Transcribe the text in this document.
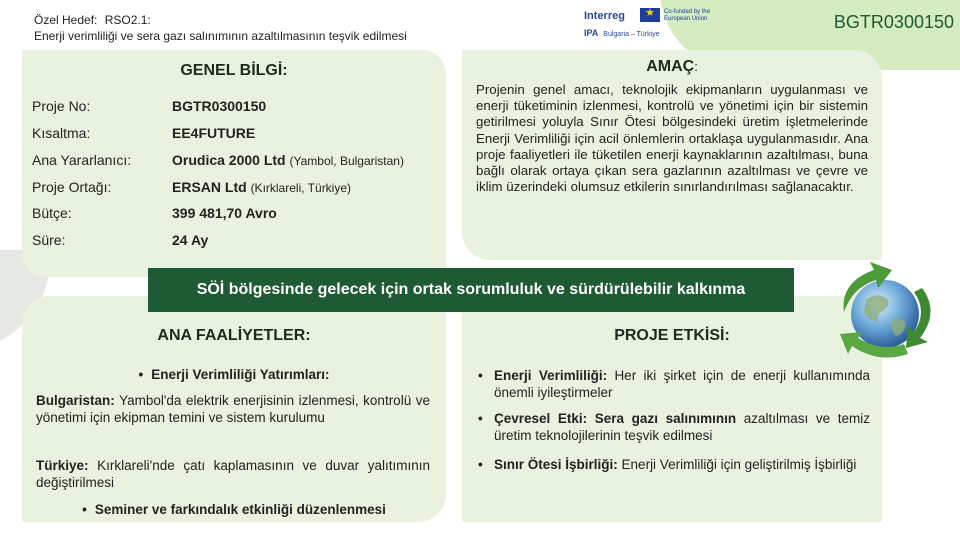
Özel Hedef: RSO2.1:
Enerji verimliliği ve sera gazı salınımının azaltılmasının teşvik edilmesi
Interreg ★ Co-funded by the European Union
IPA Bulgaria – Türkiye
BGTR0300150
GENEL BİLGİ:
Proje No:	BGTR0300150
Kısaltma:	EE4FUTURE
Ana Yararlanıcı:	Orudica 2000 Ltd (Yambol, Bulgaristan)
Proje Ortağı:	ERSAN Ltd (Kırklareli, Türkiye)
Bütçe:	399 481,70 Avro
Süre:	24 Ay
AMAÇ:
Projenin genel amacı, teknolojik ekipmanların uygulanması ve enerji tüketiminin izlenmesi, kontrolü ve yönetimi için bir sistemin getirilmesi yoluyla Sınır Ötesi bölgesindeki üretim işletmelerinde Enerji Verimliliği için acil önlemlerin ortaklaşa uygulanmasıdır. Ana proje faaliyetleri ile tüketilen enerji kaynaklarının azaltılması, buna bağlı olarak ortaya çıkan sera gazlarının azaltılması ve çevre ve iklim üzerindeki olumsuz etkilerin sınırlandırılması sağlanacaktır.
ANA FAALİYETLER:
• Enerji Verimliliği Yatırımları:
Bulgaristan: Yambol'da elektrik enerjisinin izlenmesi, kontrolü ve yönetimi için ekipman temini ve sistem kurulumu
Türkiye: Kırklareli'nde çatı kaplamasının ve duvar yalıtımının değiştirilmesi
• Seminer ve farkındalık etkinliği düzenlenmesi
PROJE ETKİSİ:
• Enerji Verimliliği: Her iki şirket için de enerji kullanımında önemli iyileştirmeler
• Çevresel Etki: Sera gazı salınımının azaltılması ve temiz üretim teknolojilerinin teşvik edilmesi
• Sınır Ötesi İşbirliği: Enerji Verimliliği için geliştirilmiş İşbirliği
SÖİ bölgesinde gelecek için ortak sorumluluk ve sürdürülebilir kalkınma
